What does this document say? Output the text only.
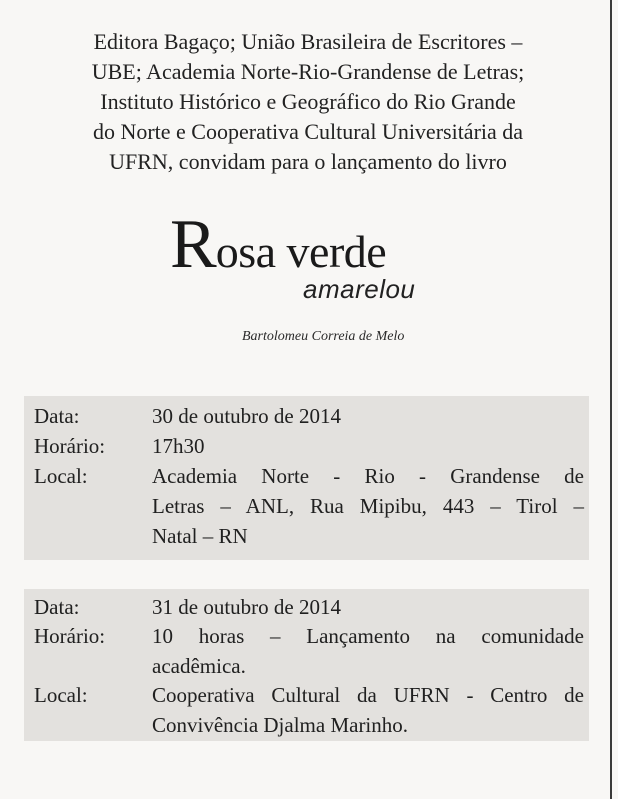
Editora Bagaço; União Brasileira de Escritores –
UBE; Academia Norte-Rio-Grandense de Letras;
Instituto Histórico e Geográfico do Rio Grande
do Norte e Cooperativa Cultural Universitária da
UFRN, convidam para o lançamento do livro
Rosa verde
amarelou
Bartolomeu Correia de Melo
Data:	30 de outubro de 2014
Horário: 17h30
Local:	Academia Norte - Rio - Grandense de
Letras – ANL, Rua Mipibu, 443 – Tirol –
Natal – RN
Data:	31 de outubro de 2014
Horário: 10 horas – Lançamento na comunidade
acadêmica.
Local:	Cooperativa Cultural da UFRN - Centro de
Convivência Djalma Marinho.
